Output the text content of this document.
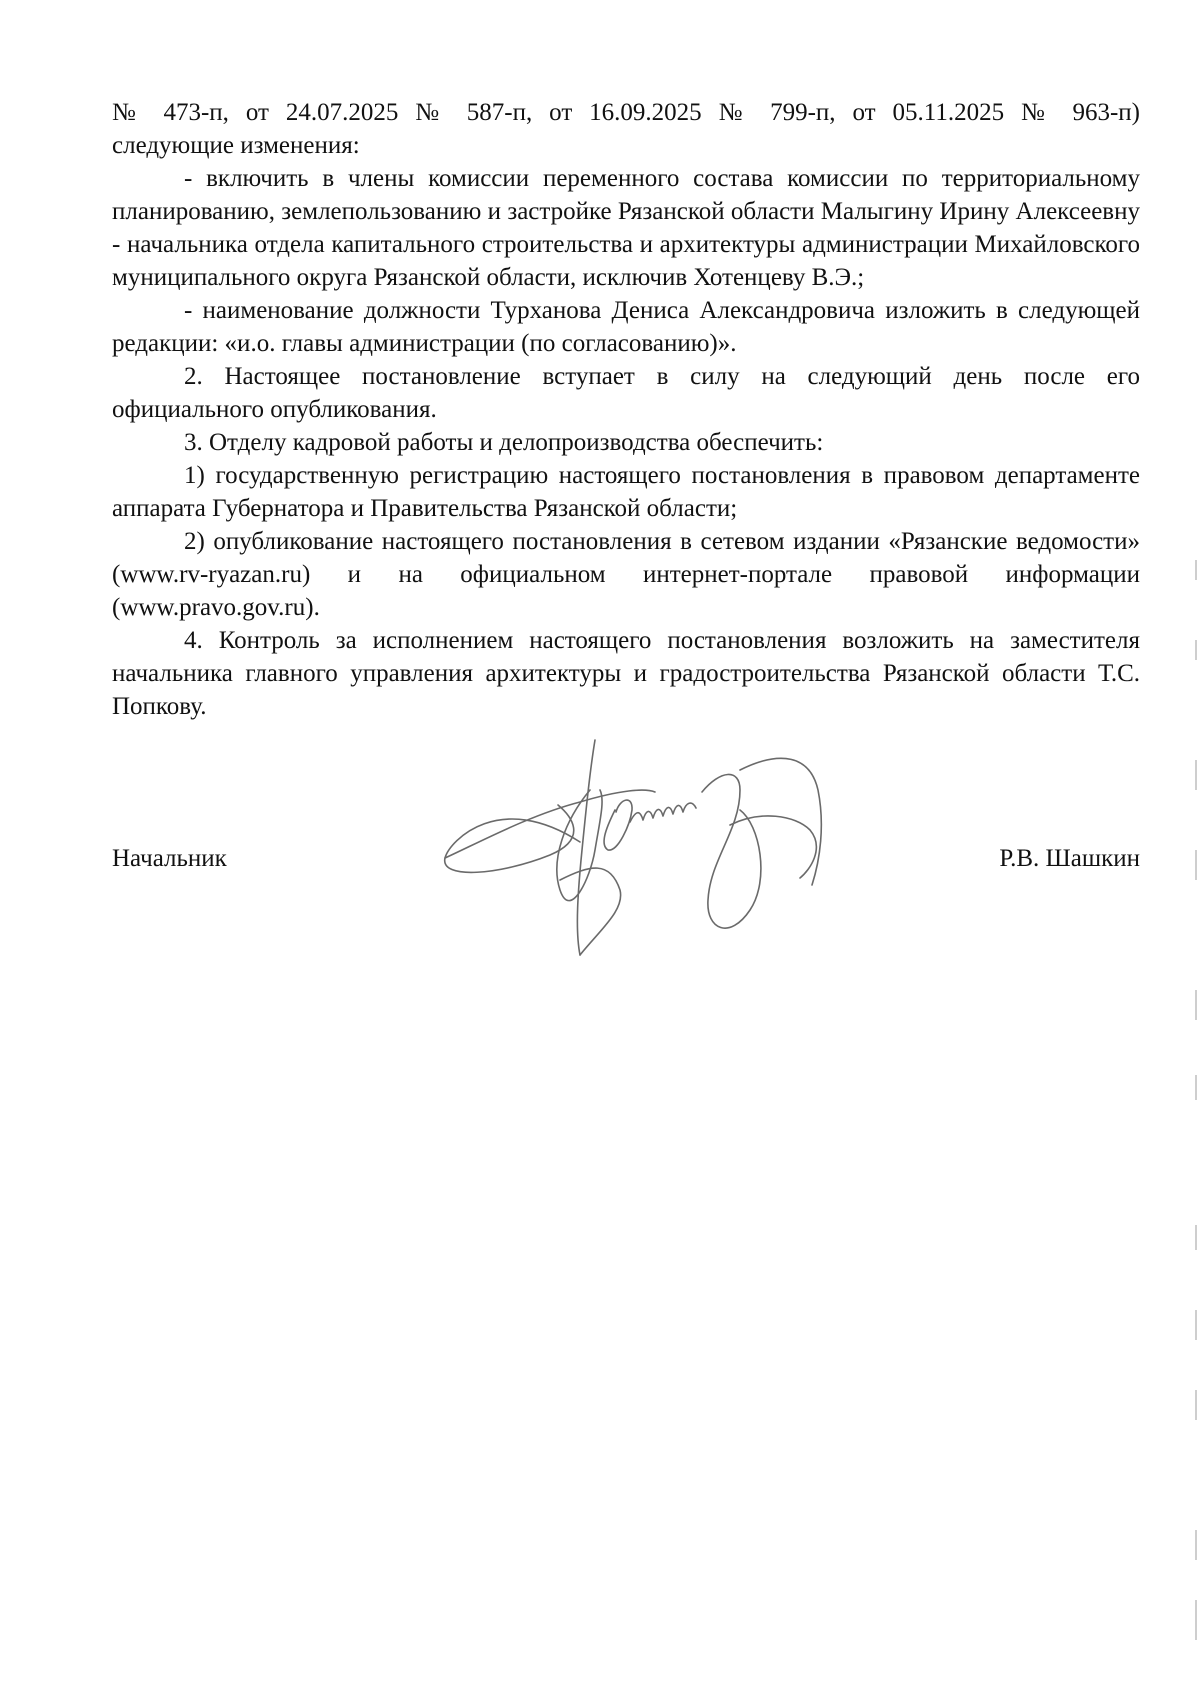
№ 473-п, от 24.07.2025 № 587-п, от 16.09.2025 № 799-п, от 05.11.2025 № 963-п)
следующие изменения:

- включить в члены комиссии переменного состава комиссии по территориальному планированию, землепользованию и застройке Рязанской области Малыгину Ирину Алексеевну - начальника отдела капитального строительства и архитектуры администрации Михайловского муниципального округа Рязанской области, исключив Хотенцеву В.Э.;

- наименование должности Турханова Дениса Александровича изложить в следующей редакции: «и.о. главы администрации (по согласованию)».

2. Настоящее постановление вступает в силу на следующий день после его официального опубликования.

3. Отделу кадровой работы и делопроизводства обеспечить:

1) государственную регистрацию настоящего постановления в правовом департаменте аппарата Губернатора и Правительства Рязанской области;

2) опубликование настоящего постановления в сетевом издании «Рязанские ведомости» (www.rv-ryazan.ru) и на официальном интернет-портале правовой информации (www.pravo.gov.ru).

4. Контроль за исполнением настоящего постановления возложить на заместителя начальника главного управления архитектуры и градостроительства Рязанской области Т.С. Попкову.

Начальник	Р.В. Шашкин
